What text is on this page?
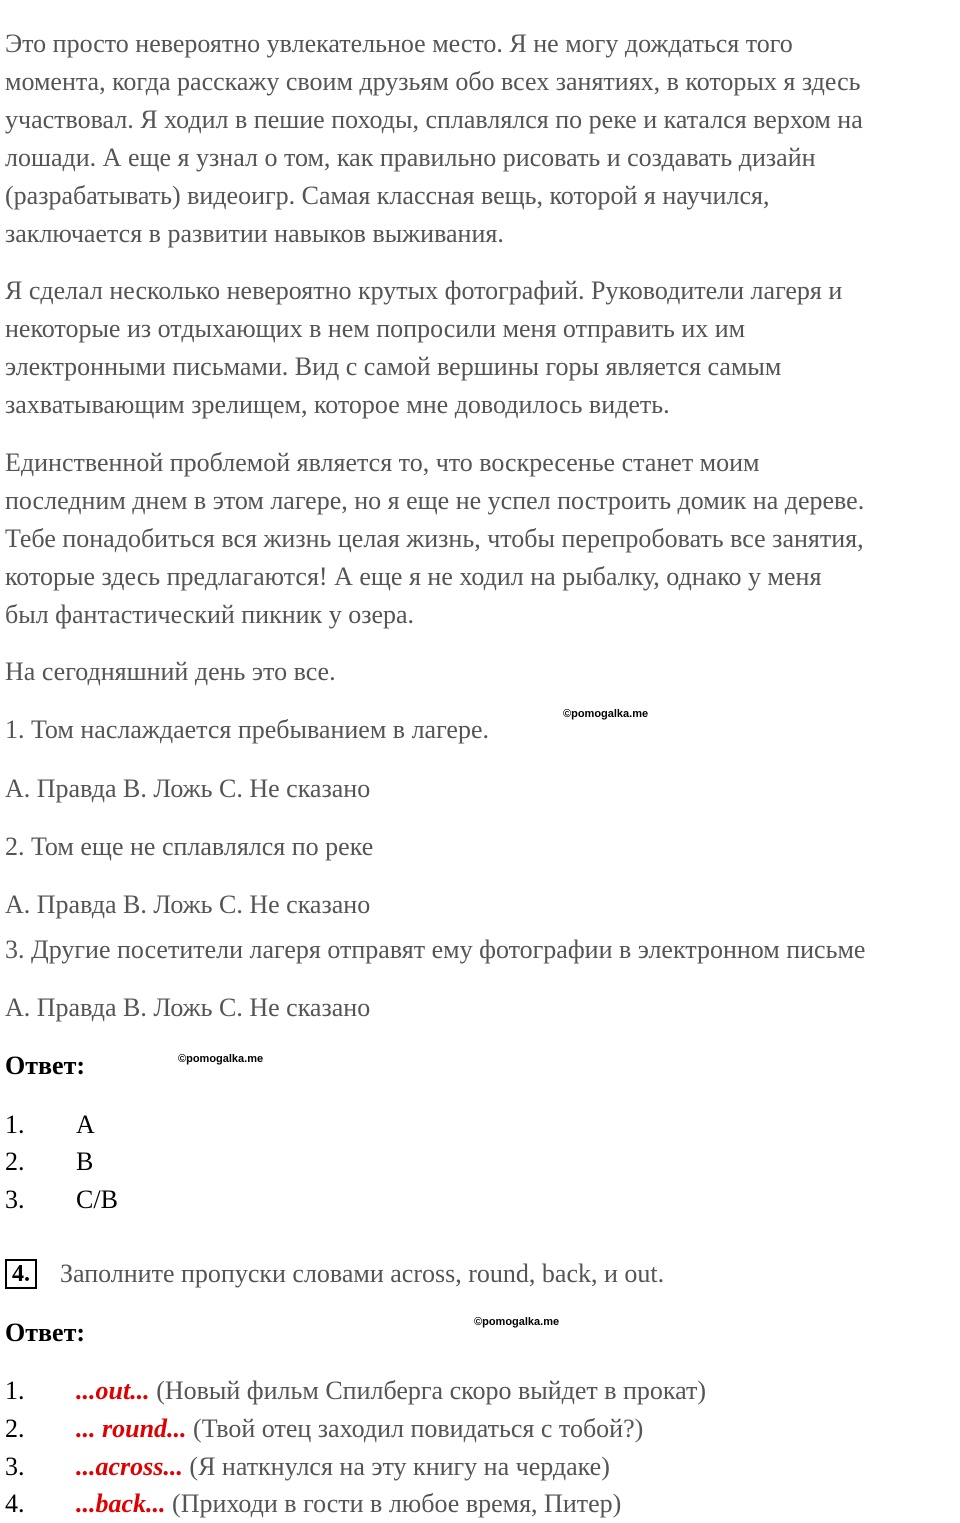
Это просто невероятно увлекательное место. Я не могу дождаться того
момента, когда расскажу своим друзьям обо всех занятиях, в которых я здесь
участвовал. Я ходил в пешие походы, сплавлялся по реке и катался верхом на
лошади. А еще я узнал о том, как правильно рисовать и создавать дизайн
(разрабатывать) видеоигр. Самая классная вещь, которой я научился,
заключается в развитии навыков выживания.
Я сделал несколько невероятно крутых фотографий. Руководители лагеря и
некоторые из отдыхающих в нем попросили меня отправить их им
электронными письмами. Вид с самой вершины горы является самым
захватывающим зрелищем, которое мне доводилось видеть.
Единственной проблемой является то, что воскресенье станет моим
последним днем в этом лагере, но я еще не успел построить домик на дереве.
Тебе понадобиться вся жизнь целая жизнь, чтобы перепробовать все занятия,
которые здесь предлагаются! А еще я не ходил на рыбалку, однако у меня
был фантастический пикник у озера.
На сегодняшний день это все.
1. Том наслаждается пребыванием в лагере.
©pomogalka.me
A. Правда B. Ложь C. Не сказано
2. Том еще не сплавлялся по реке
A. Правда B. Ложь C. Не сказано
3. Другие посетители лагеря отправят ему фотографии в электронном письме
A. Правда B. Ложь C. Не сказано
Ответ:	©pomogalka.me
1. A
2. B
3. C/B
4. Заполните пропуски словами across, round, back, и out.
Ответ:	©pomogalka.me
1. ...out... (Новый фильм Спилберга скоро выйдет в прокат)
2. ... round... (Твой отец заходил повидаться с тобой?)
3. ...across... (Я наткнулся на эту книгу на чердаке)
4. ...back... (Приходи в гости в любое время, Питер)
